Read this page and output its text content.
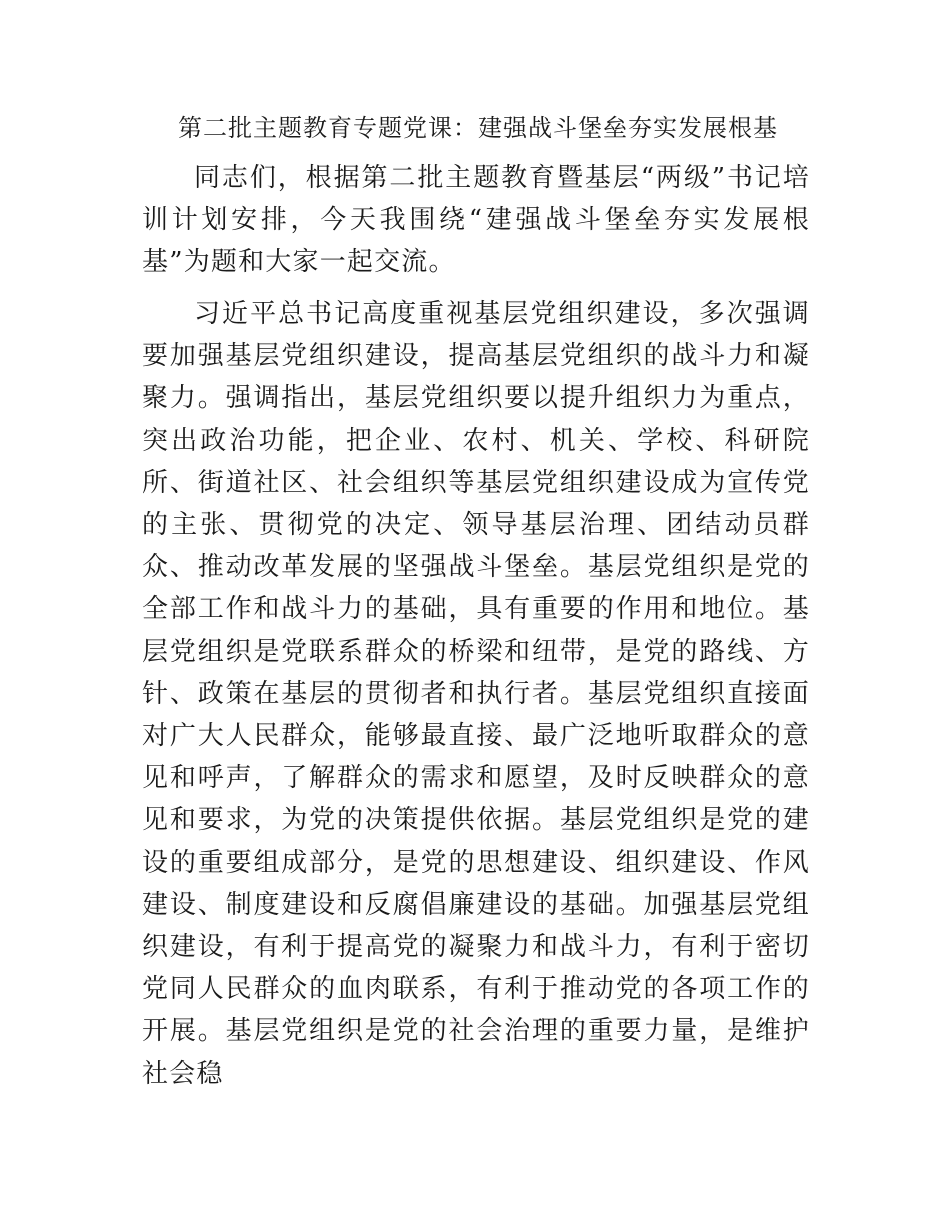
第二批主题教育专题党课：建强战斗堡垒夯实发展根基

同志们，根据第二批主题教育暨基层“两级”书记培训计划安排，今天我围绕“建强战斗堡垒夯实发展根基”为题和大家一起交流。

习近平总书记高度重视基层党组织建设，多次强调要加强基层党组织建设，提高基层党组织的战斗力和凝聚力。强调指出，基层党组织要以提升组织力为重点，突出政治功能，把企业、农村、机关、学校、科研院所、街道社区、社会组织等基层党组织建设成为宣传党的主张、贯彻党的决定、领导基层治理、团结动员群众、推动改革发展的坚强战斗堡垒。基层党组织是党的全部工作和战斗力的基础，具有重要的作用和地位。基层党组织是党联系群众的桥梁和纽带，是党的路线、方针、政策在基层的贯彻者和执行者。基层党组织直接面对广大人民群众，能够最直接、最广泛地听取群众的意见和呼声，了解群众的需求和愿望，及时反映群众的意见和要求，为党的决策提供依据。基层党组织是党的建设的重要组成部分，是党的思想建设、组织建设、作风建设、制度建设和反腐倡廉建设的基础。加强基层党组织建设，有利于提高党的凝聚力和战斗力，有利于密切党同人民群众的血肉联系，有利于推动党的各项工作的开展。基层党组织是党的社会治理的重要力量，是维护社会稳
